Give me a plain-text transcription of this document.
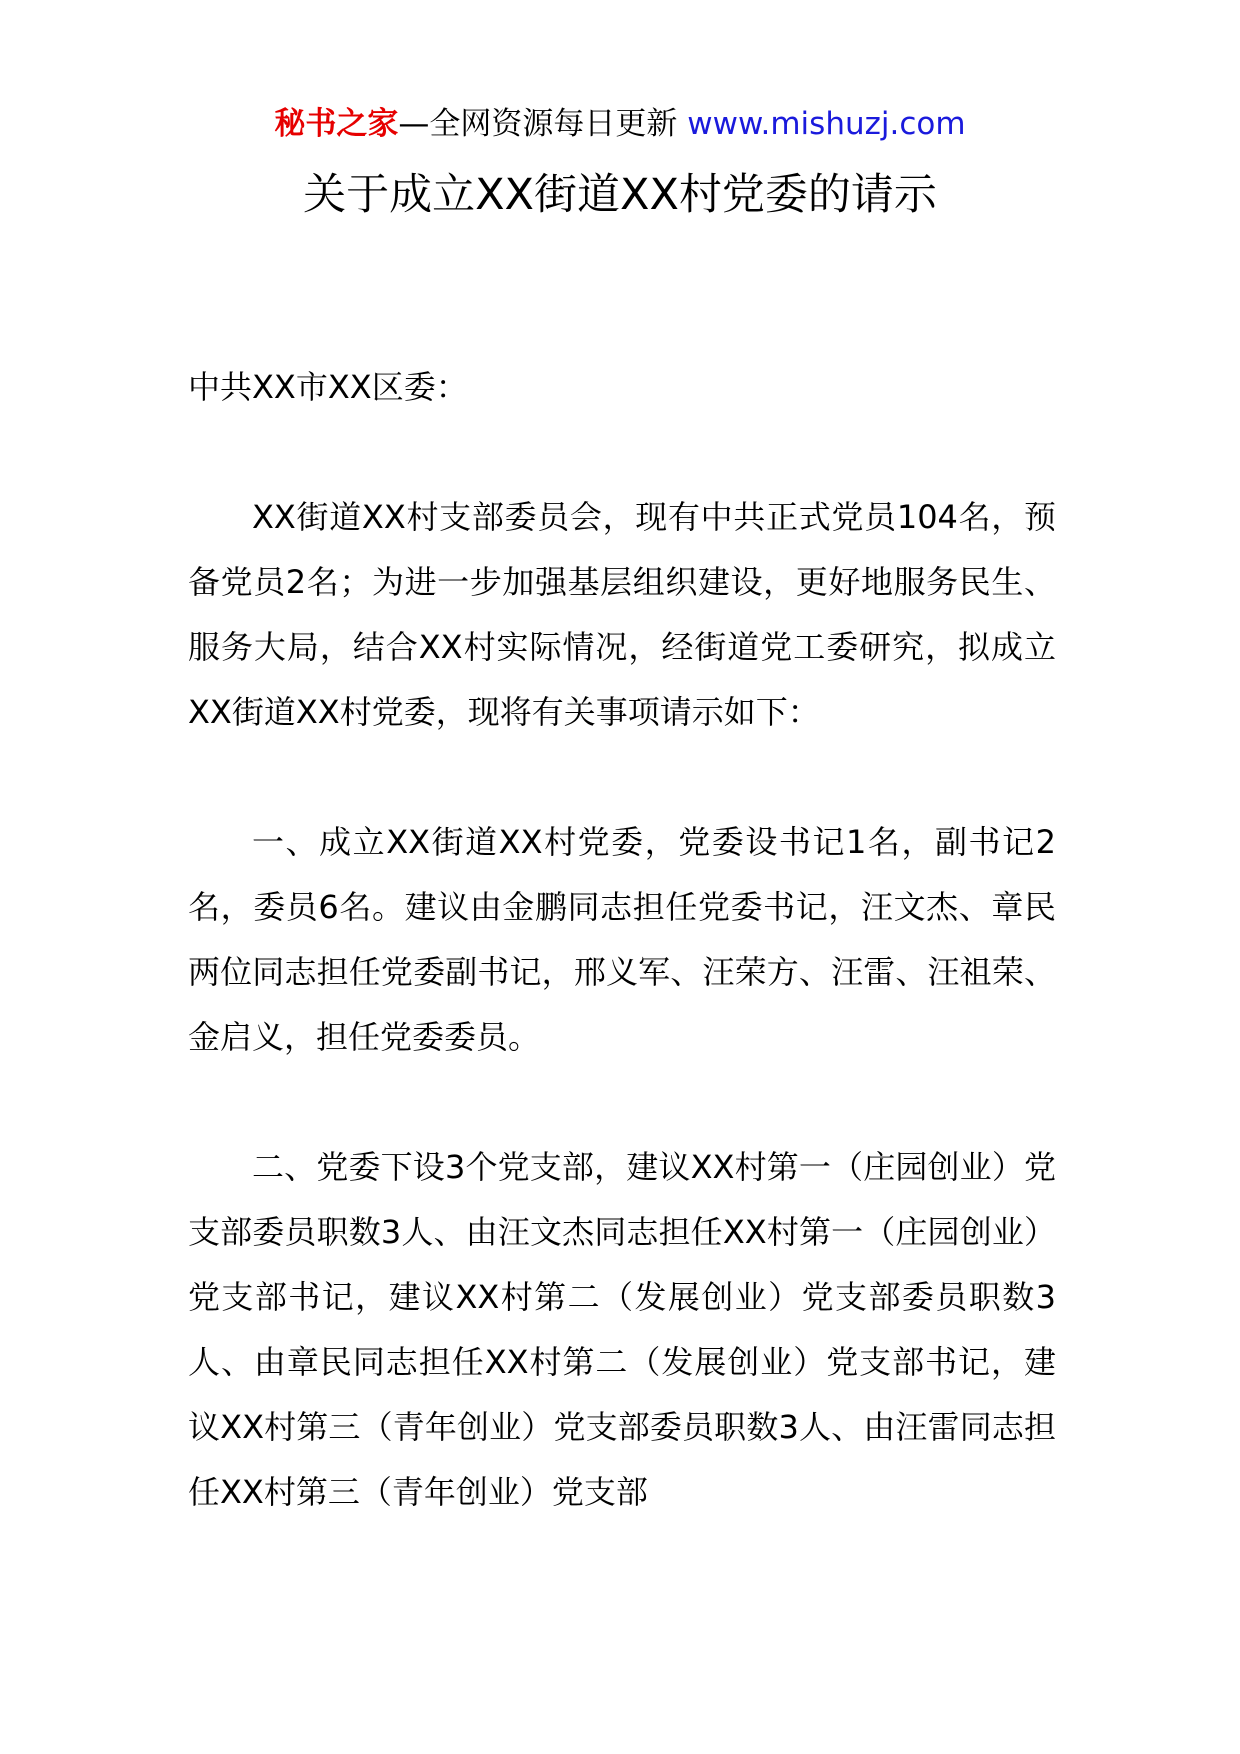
秘书之家—全网资源每日更新 www.mishuzj.com
关于成立XX街道XX村党委的请示

中共XX市XX区委：

XX街道XX村支部委员会，现有中共正式党员104名，预备党员2名；为进一步加强基层组织建设，更好地服务民生、服务大局，结合XX村实际情况，经街道党工委研究，拟成立XX街道XX村党委，现将有关事项请示如下：

一、成立XX街道XX村党委，党委设书记1名，副书记2名，委员6名。建议由金鹏同志担任党委书记，汪文杰、章民两位同志担任党委副书记，邢义军、汪荣方、汪雷、汪祖荣、金启义，担任党委委员。

二、党委下设3个党支部，建议XX村第一（庄园创业）党支部委员职数3人、由汪文杰同志担任XX村第一（庄园创业）党支部书记，建议XX村第二（发展创业）党支部委员职数3人、由章民同志担任XX村第二（发展创业）党支部书记，建议XX村第三（青年创业）党支部委员职数3人、由汪雷同志担任XX村第三（青年创业）党支部
